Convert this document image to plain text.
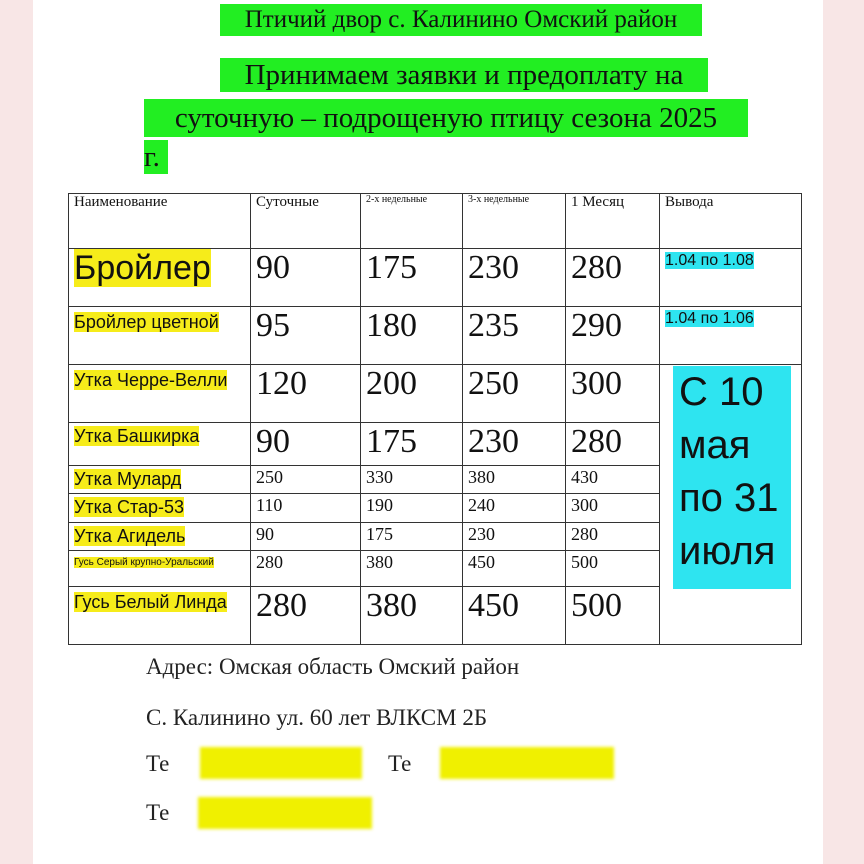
Птичий двор с. Калинино Омский район
Принимаем заявки и предоплату на
суточную – подрощеную птицу сезона 2025
г.
Наименование	Суточные	2-х недельные	3-х недельные	1 Месяц	Вывода
Бройлер	90	175	230	280	1.04 по 1.08
Бройлер цветной	95	180	235	290	1.04 по 1.06
Утка Черре-Велли	120	200	250	300	
Утка Башкирка	90	175	230	280	
Утка Мулард	250	330	380	430	
Утка Стар-53	110	190	240	300	
Утка Агидель	90	175	230	280	
Гусь Серый крупно-Уральский	280	380	450	500	
Гусь Белый Линда	280	380	450	500	
С 10 мая по 31 июля
Адрес: Омская область Омский район
С. Калинино ул. 60 лет ВЛКСМ 2Б
Те	Те
Те
